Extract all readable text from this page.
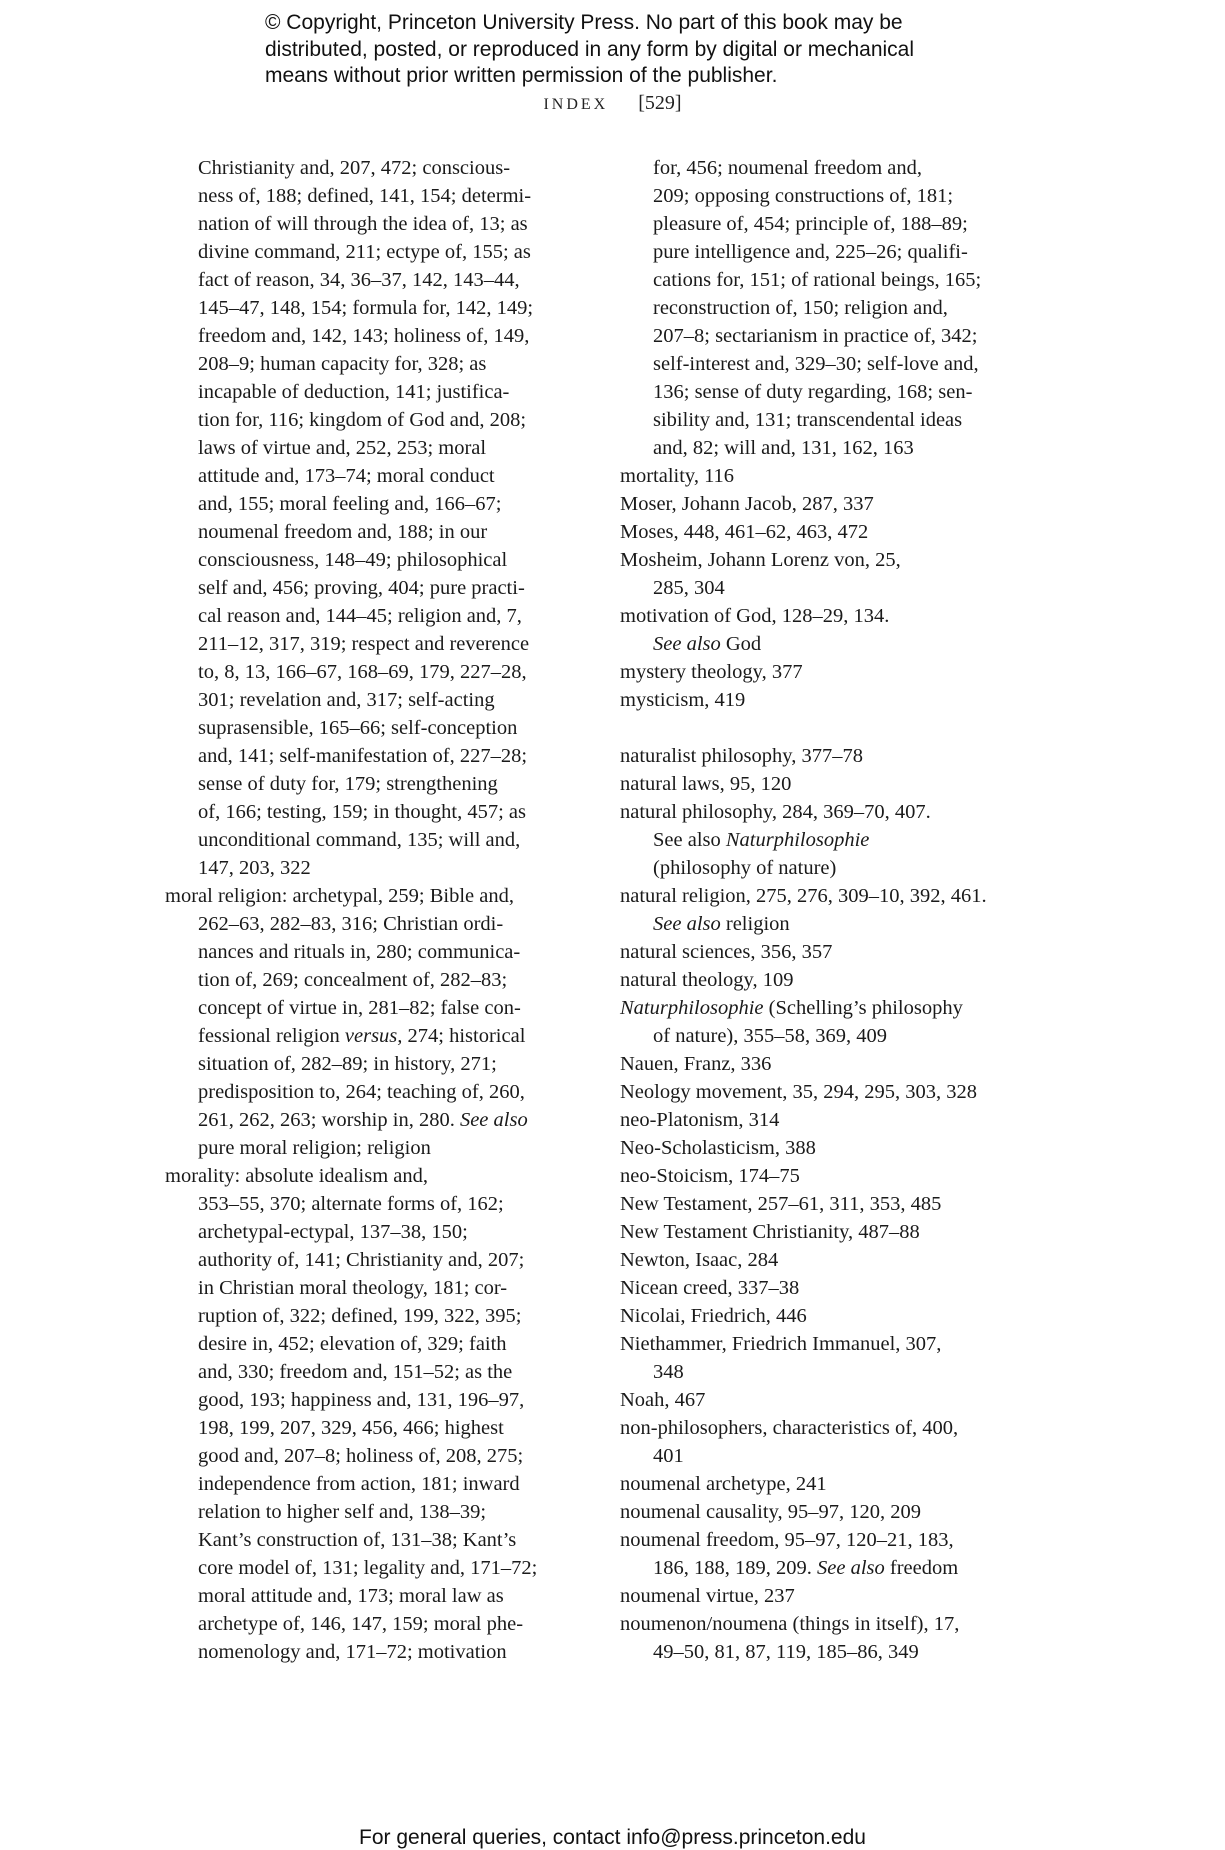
© Copyright, Princeton University Press. No part of this book may be
distributed, posted, or reproduced in any form by digital or mechanical
means without prior written permission of the publisher.
INDEX [529]
Christianity and, 207, 472; conscious-
ness of, 188; defined, 141, 154; determi-
nation of will through the idea of, 13; as
divine command, 211; ectype of, 155; as
fact of reason, 34, 36–37, 142, 143–44,
145–47, 148, 154; formula for, 142, 149;
freedom and, 142, 143; holiness of, 149,
208–9; human capacity for, 328; as
incapable of deduction, 141; justifica-
tion for, 116; kingdom of God and, 208;
laws of virtue and, 252, 253; moral
attitude and, 173–74; moral conduct
and, 155; moral feeling and, 166–67;
noumenal freedom and, 188; in our
consciousness, 148–49; philosophical
self and, 456; proving, 404; pure practi-
cal reason and, 144–45; religion and, 7,
211–12, 317, 319; respect and reverence
to, 8, 13, 166–67, 168–69, 179, 227–28,
301; revelation and, 317; self-acting
suprasensible, 165–66; self-conception
and, 141; self-manifestation of, 227–28;
sense of duty for, 179; strengthening
of, 166; testing, 159; in thought, 457; as
unconditional command, 135; will and,
147, 203, 322
moral religion: archetypal, 259; Bible and,
262–63, 282–83, 316; Christian ordi-
nances and rituals in, 280; communica-
tion of, 269; concealment of, 282–83;
concept of virtue in, 281–82; false con-
fessional religion versus, 274; historical
situation of, 282–89; in history, 271;
predisposition to, 264; teaching of, 260,
261, 262, 263; worship in, 280. See also
pure moral religion; religion
morality: absolute idealism and,
353–55, 370; alternate forms of, 162;
archetypal-ectypal, 137–38, 150;
authority of, 141; Christianity and, 207;
in Christian moral theology, 181; cor-
ruption of, 322; defined, 199, 322, 395;
desire in, 452; elevation of, 329; faith
and, 330; freedom and, 151–52; as the
good, 193; happiness and, 131, 196–97,
198, 199, 207, 329, 456, 466; highest
good and, 207–8; holiness of, 208, 275;
independence from action, 181; inward
relation to higher self and, 138–39;
Kant’s construction of, 131–38; Kant’s
core model of, 131; legality and, 171–72;
moral attitude and, 173; moral law as
archetype of, 146, 147, 159; moral phe-
nomenology and, 171–72; motivation
for, 456; noumenal freedom and,
209; opposing constructions of, 181;
pleasure of, 454; principle of, 188–89;
pure intelligence and, 225–26; qualifi-
cations for, 151; of rational beings, 165;
reconstruction of, 150; religion and,
207–8; sectarianism in practice of, 342;
self-interest and, 329–30; self-love and,
136; sense of duty regarding, 168; sen-
sibility and, 131; transcendental ideas
and, 82; will and, 131, 162, 163
mortality, 116
Moser, Johann Jacob, 287, 337
Moses, 448, 461–62, 463, 472
Mosheim, Johann Lorenz von, 25,
285, 304
motivation of God, 128–29, 134.
See also God
mystery theology, 377
mysticism, 419
naturalist philosophy, 377–78
natural laws, 95, 120
natural philosophy, 284, 369–70, 407.
See also Naturphilosophie
(philosophy of nature)
natural religion, 275, 276, 309–10, 392, 461.
See also religion
natural sciences, 356, 357
natural theology, 109
Naturphilosophie (Schelling’s philosophy
of nature), 355–58, 369, 409
Nauen, Franz, 336
Neology movement, 35, 294, 295, 303, 328
neo-Platonism, 314
Neo-Scholasticism, 388
neo-Stoicism, 174–75
New Testament, 257–61, 311, 353, 485
New Testament Christianity, 487–88
Newton, Isaac, 284
Nicean creed, 337–38
Nicolai, Friedrich, 446
Niethammer, Friedrich Immanuel, 307,
348
Noah, 467
non-philosophers, characteristics of, 400,
401
noumenal archetype, 241
noumenal causality, 95–97, 120, 209
noumenal freedom, 95–97, 120–21, 183,
186, 188, 189, 209. See also freedom
noumenal virtue, 237
noumenon/noumena (things in itself), 17,
49–50, 81, 87, 119, 185–86, 349
For general queries, contact info@press.princeton.edu
